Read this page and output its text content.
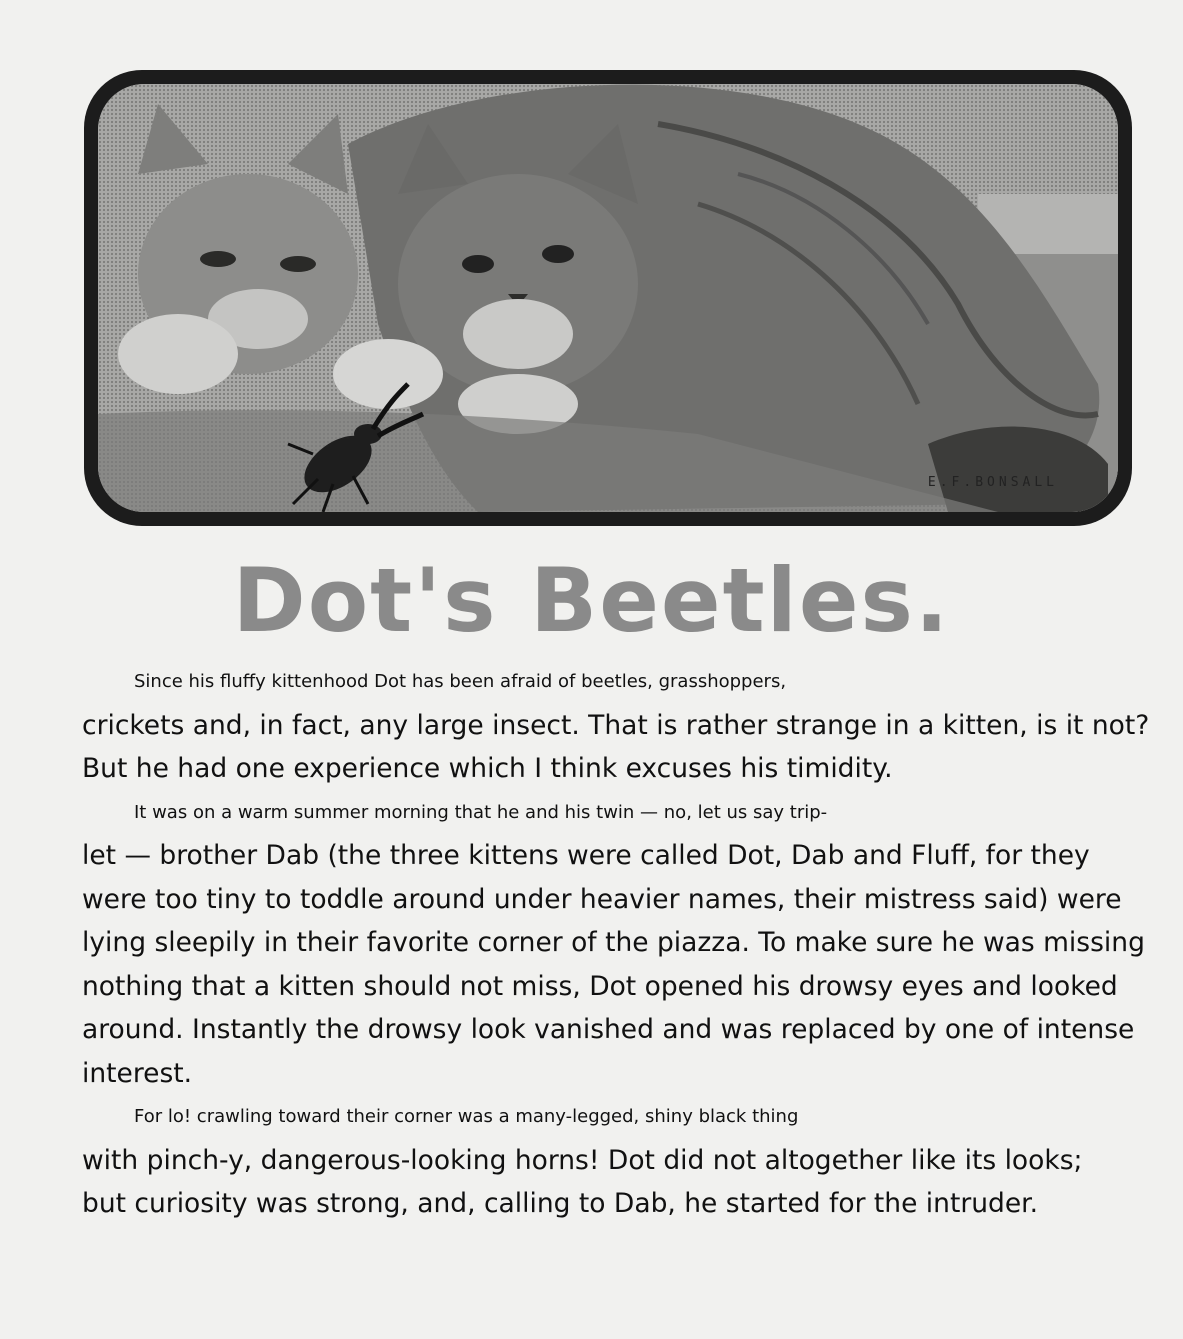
E.F.BONSALL
Dot's Beetles.
Since his fluffy kittenhood Dot has been afraid of beetles, grasshoppers,
crickets and, in fact, any large insect. That is rather strange in a kitten, is it not?
But he had one experience which I think excuses his timidity.
It was on a warm summer morning that he and his twin — no, let us say trip-
let — brother Dab (the three kittens were called Dot, Dab and Fluff, for they
were too tiny to toddle around under heavier names, their mistress said) were
lying sleepily in their favorite corner of the piazza. To make sure he was missing
nothing that a kitten should not miss, Dot opened his drowsy eyes and looked
around. Instantly the drowsy look vanished and was replaced by one of intense
interest.
For lo! crawling toward their corner was a many-legged, shiny black thing
with pinch-y, dangerous-looking horns! Dot did not altogether like its looks;
but curiosity was strong, and, calling to Dab, he started for the intruder.
